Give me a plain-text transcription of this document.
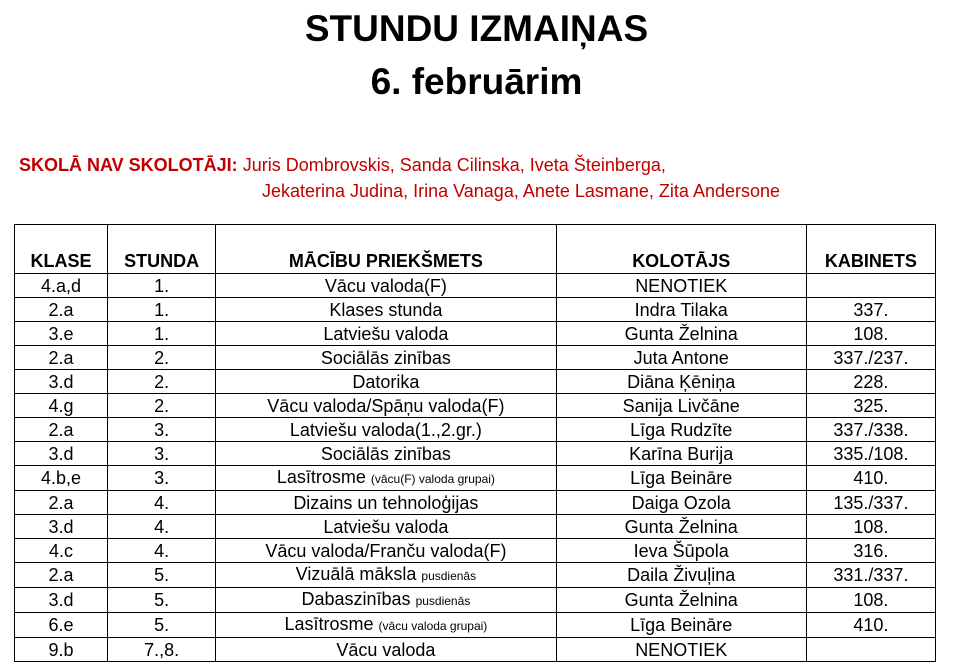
STUNDU IZMAIŅAS
6. februārim
SKOLĀ NAV SKOLOTĀJI: Juris Dombrovskis, Sanda Cilinska, Iveta Šteinberga,
Jekaterina Judina, Irina Vanaga, Anete Lasmane, Zita Andersone
KLASE	STUNDA	MĀCĪBU PRIEKŠMETS	KOLOTĀJS	KABINETS
4.a,d	1.	Vācu valoda(F)	NENOTIEK	
2.a	1.	Klases stunda	Indra Tilaka	337.
3.e	1.	Latviešu valoda	Gunta Želnina	108.
2.a	2.	Sociālās zinības	Juta Antone	337./237.
3.d	2.	Datorika	Diāna Ķēniņa	228.
4.g	2.	Vācu valoda/Spāņu valoda(F)	Sanija Livčāne	325.
2.a	3.	Latviešu valoda(1.,2.gr.)	Līga Rudzīte	337./338.
3.d	3.	Sociālās zinības	Karīna Burija	335./108.
4.b,e	3.	Lasītrosme (vācu(F) valoda grupai)	Līga Beināre	410.
2.a	4.	Dizains un tehnoloģijas	Daiga Ozola	135./337.
3.d	4.	Latviešu valoda	Gunta Želnina	108.
4.c	4.	Vācu valoda/Franču valoda(F)	Ieva Šūpola	316.
2.a	5.	Vizuālā māksla pusdienās	Daila Živuļina	331./337.
3.d	5.	Dabaszinības pusdienās	Gunta Želnina	108.
6.e	5.	Lasītrosme (vācu valoda grupai)	Līga Beināre	410.
9.b	7.,8.	Vācu valoda	NENOTIEK	
